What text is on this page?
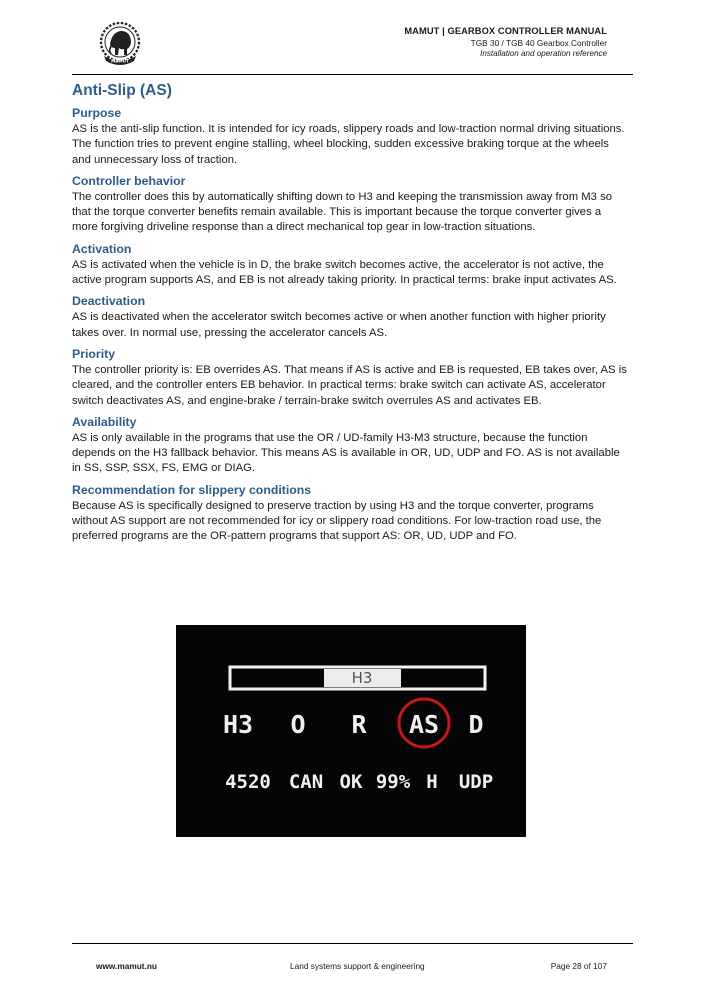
MAMUT
MAMUT | GEARBOX CONTROLLER MANUAL
TGB 30 / TGB 40 Gearbox Controller
Installation and operation reference
Anti-Slip (AS)
Purpose

AS is the anti-slip function. It is intended for icy roads, slippery roads and low-traction normal driving situations. The function tries to prevent engine stalling, wheel blocking, sudden excessive braking torque at the wheels and unnecessary loss of traction.

Controller behavior

The controller does this by automatically shifting down to H3 and keeping the transmission away from M3 so that the torque converter benefits remain available. This is important because the torque converter gives a more forgiving driveline response than a direct mechanical top gear in low-traction situations.

Activation

AS is activated when the vehicle is in D, the brake switch becomes active, the accelerator is not active, the active program supports AS, and EB is not already taking priority. In practical terms: brake input activates AS.

Deactivation

AS is deactivated when the accelerator switch becomes active or when another function with higher priority takes over. In normal use, pressing the accelerator cancels AS.

Priority

The controller priority is: EB overrides AS. That means if AS is active and EB is requested, EB takes over, AS is cleared, and the controller enters EB behavior. In practical terms: brake switch can activate AS, accelerator switch deactivates AS, and engine-brake / terrain-brake switch overrules AS and activates EB.

Availability

AS is only available in the programs that use the OR / UD-family H3-M3 structure, because the function depends on the H3 fallback behavior. This means AS is available in OR, UD, UDP and FO. AS is not available in SS, SSP, SSX, FS, EMG or DIAG.

Recommendation for slippery conditions

Because AS is specifically designed to preserve traction by using H3 and the torque converter, programs without AS support are not recommended for icy or slippery road conditions. For low-traction road use, the preferred programs are the OR-pattern programs that support AS: OR, UD, UDP and FO.

H3
H3 O R AS D
4520 CAN OK 99% H UDP
www.mamut.nu	Land systems support & engineering	Page 28 of 107
